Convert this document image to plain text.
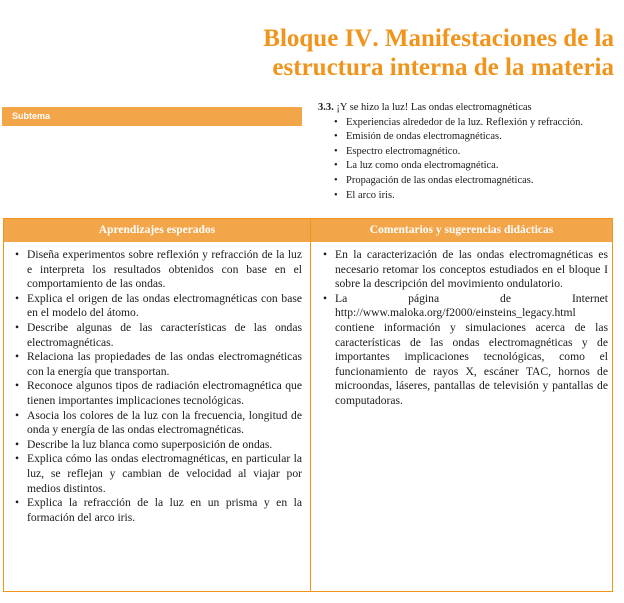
Bloque IV. Manifestaciones de la
estructura interna de la materia
Subtema
3.3. ¡Y se hizo la luz! Las ondas electromagnéticas
• Experiencias alrededor de la luz. Reflexión y refracción.
• Emisión de ondas electromagnéticas.
• Espectro electromagnético.
• La luz como onda electromagnética.
• Propagación de las ondas electromagnéticas.
• El arco iris.
Aprendizajes esperados	Comentarios y sugerencias didácticas
• Diseña experimentos sobre reflexión y refracción de la luz e interpreta los resultados obtenidos con base en el comportamiento de las ondas.
• Explica el origen de las ondas electromagnéticas con base en el modelo del átomo.
• Describe algunas de las características de las ondas electromagnéticas.
• Relaciona las propiedades de las ondas electromagnéticas con la energía que transportan.
• Reconoce algunos tipos de radiación electromagnética que tienen importantes implicaciones tecnológicas.
• Asocia los colores de la luz con la frecuencia, longitud de onda y energía de las ondas electromagnéticas.
• Describe la luz blanca como superposición de ondas.
• Explica cómo las ondas electromagnéticas, en particular la luz, se reflejan y cambian de velocidad al viajar por medios distintos.
• Explica la refracción de la luz en un prisma y en la formación del arco iris.
• En la caracterización de las ondas electromagnéticas es necesario retomar los conceptos estudiados en el bloque I sobre la descripción del movimiento ondulatorio.
• La página de Internet http://www.maloka.org/f2000/einsteins_legacy.html contiene información y simulaciones acerca de las características de las ondas electromagnéticas y de importantes implicaciones tecnológicas, como el funcionamiento de rayos X, escáner TAC, hornos de microondas, láseres, pantallas de televisión y pantallas de computadoras.
